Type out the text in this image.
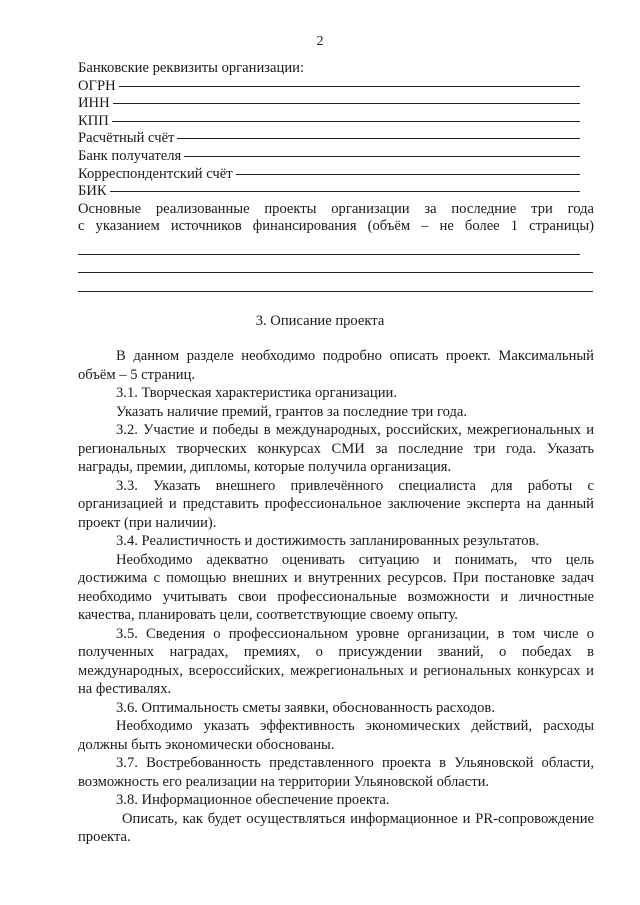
2
Банковские реквизиты организации:
ОГРН
ИНН
КПП
Расчётный счёт
Банк получателя
Корреспондентский счёт
БИК
Основные реализованные проекты организации за последние три года
с указанием источников финансирования (объём – не более 1 страницы)
3. Описание проекта

В данном разделе необходимо подробно описать проект. Максимальный объём – 5 страниц.

3.1. Творческая характеристика организации.

Указать наличие премий, грантов за последние три года.

3.2. Участие и победы в международных, российских, межрегиональных и региональных творческих конкурсах СМИ за последние три года. Указать награды, премии, дипломы, которые получила организация.

3.3. Указать внешнего привлечённого специалиста для работы с организацией и представить профессиональное заключение эксперта на данный проект (при наличии).

3.4. Реалистичность и достижимость запланированных результатов.

Необходимо адекватно оценивать ситуацию и понимать, что цель достижима с помощью внешних и внутренних ресурсов. При постановке задач необходимо учитывать свои профессиональные возможности и личностные качества, планировать цели, соответствующие своему опыту.

3.5. Сведения о профессиональном уровне организации, в том числе о полученных наградах, премиях, о присуждении званий, о победах в международных, всероссийских, межрегиональных и региональных конкурсах и на фестивалях.

3.6. Оптимальность сметы заявки, обоснованность расходов.

Необходимо указать эффективность экономических действий, расходы должны быть экономически обоснованы.

3.7. Востребованность представленного проекта в Ульяновской области, возможность его реализации на территории Ульяновской области.

3.8. Информационное обеспечение проекта.

Описать, как будет осуществляться информационное и PR-сопровождение проекта.
